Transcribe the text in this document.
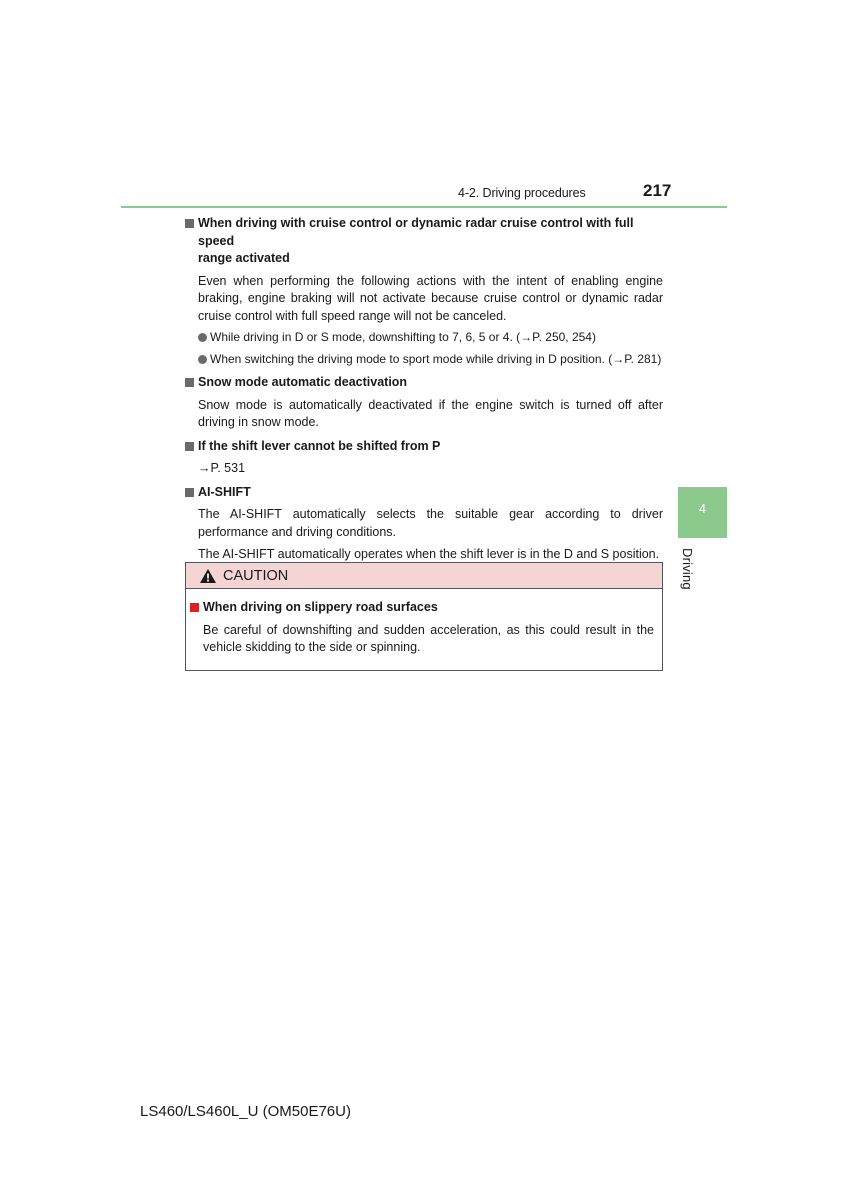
4-2. Driving procedures	217
When driving with cruise control or dynamic radar cruise control with full speed
range activated
Even when performing the following actions with the intent of enabling engine braking, engine braking will not activate because cruise control or dynamic radar cruise control with full speed range will not be canceled.
While driving in D or S mode, downshifting to 7, 6, 5 or 4. (→P. 250, 254)
When switching the driving mode to sport mode while driving in D position. (→P. 281)
Snow mode automatic deactivation
Snow mode is automatically deactivated if the engine switch is turned off after driving in snow mode.
If the shift lever cannot be shifted from P
→P. 531
AI-SHIFT
The AI-SHIFT automatically selects the suitable gear according to driver performance and driving conditions.
The AI-SHIFT automatically operates when the shift lever is in the D and S position.
CAUTION
When driving on slippery road surfaces
Be careful of downshifting and sudden acceleration, as this could result in the vehicle skidding to the side or spinning.
4
Driving
LS460/LS460L_U (OM50E76U)
